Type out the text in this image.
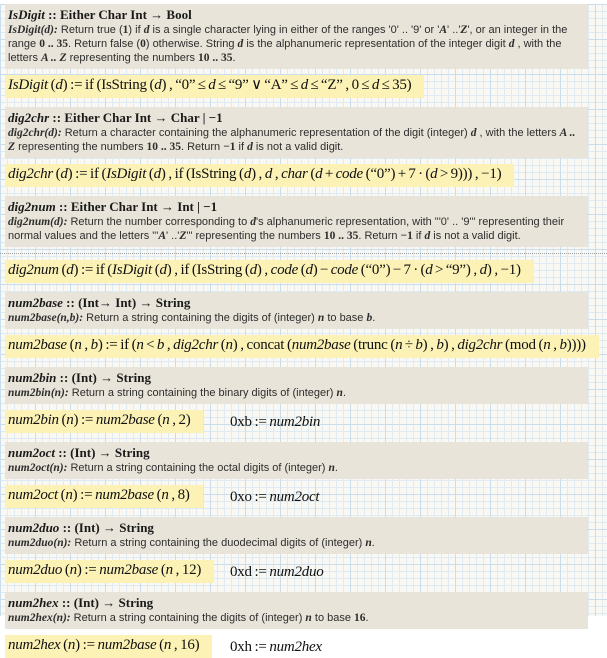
IsDigit :: Either Char Int → Bool
IsDigit(d): Return true (1) if d is a single character lying in either of the ranges '0' .. '9' or 'A' ..'Z', or an integer in the range 0 .. 35. Return false (0) otherwise. String d is the alphanumeric representation of the integer digit d , with the letters A .. Z representing the numbers 10 .. 35.
IsDigit (d) := if (IsString (d) , “0” ≤ d ≤ “9” ∨ “A” ≤ d ≤ “Z” , 0 ≤ d ≤ 35)
dig2chr :: Either Char Int → Char | −1
dig2chr(d): Return a character containing the alphanumeric representation of the digit (integer) d , with the letters A .. Z representing the numbers 10 .. 35. Return −1 if d is not a valid digit.
dig2chr (d) := if (IsDigit (d) , if (IsString (d) , d , char (d + code (“0”) + 7 · (d > 9))) , −1)
dig2num :: Either Char Int → Int | −1
dig2num(d): Return the number corresponding to d's alphanumeric representation, with "'0' .. '9'" representing their normal values and the letters "'A' ..'Z'" representing the numbers 10 .. 35. Return −1 if d is not a valid digit.
dig2num (d) := if (IsDigit (d) , if (IsString (d) , code (d) − code (“0”) − 7 · (d > “9”) , d) , −1)
num2base :: (Int→ Int) → String
num2base(n,b): Return a string containing the digits of (integer) n to base b.
num2base (n , b) := if (n < b , dig2chr (n) , concat (num2base (trunc (n ÷ b) , b) , dig2chr (mod (n , b))))
num2bin :: (Int) → String
num2bin(n): Return a string containing the binary digits of (integer) n.
num2bin (n) := num2base (n , 2)	0xb := num2bin
num2oct :: (Int) → String
num2oct(n): Return a string containing the octal digits of (integer) n.
num2oct (n) := num2base (n , 8)	0xo := num2oct
num2duo :: (Int) → String
num2duo(n): Return a string containing the duodecimal digits of (integer) n.
num2duo (n) := num2base (n , 12) 0xd := num2duo
num2hex :: (Int) → String
num2hex(n): Return a string containing the digits of (integer) n to base 16.
num2hex (n) := num2base (n , 16) 0xh := num2hex
